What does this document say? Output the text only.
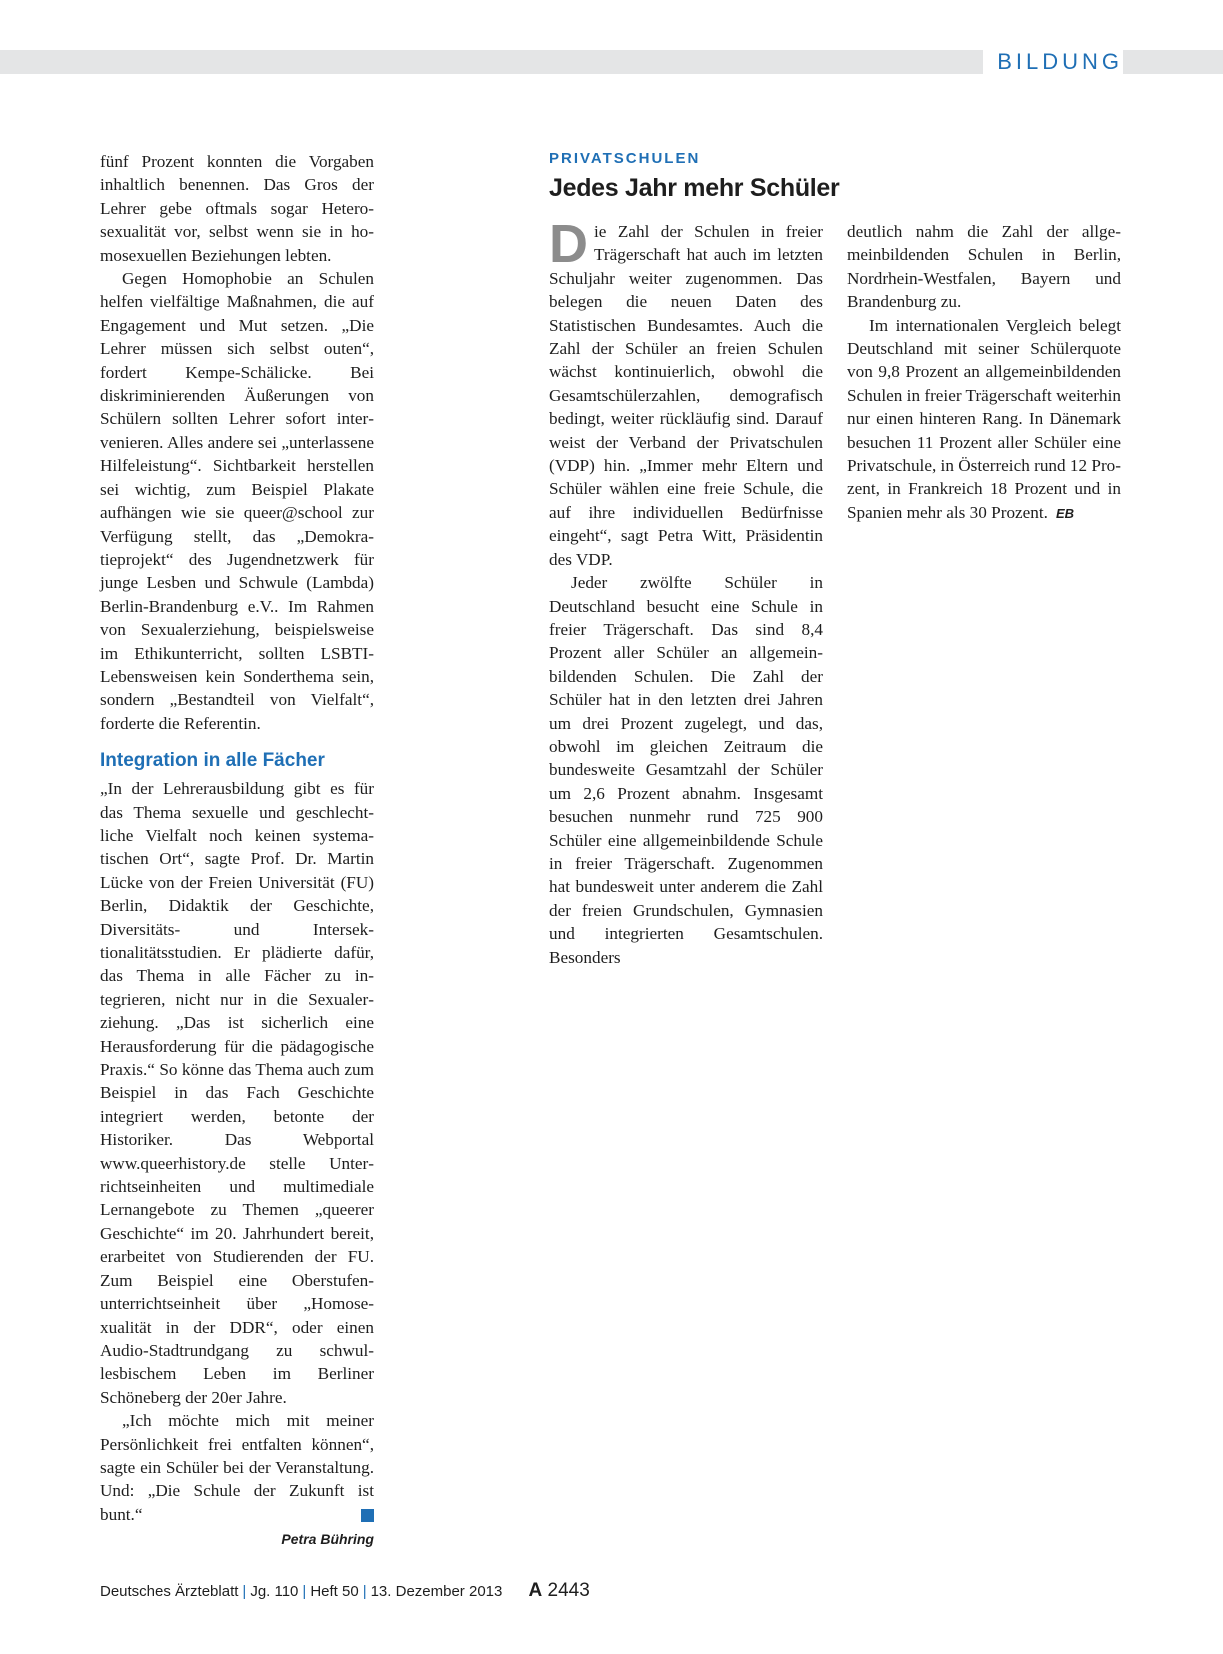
BILDUNG

fünf Prozent konnten die Vorgaben inhaltlich benennen. Das Gros der Lehrer gebe oftmals sogar Heterosexualität vor, selbst wenn sie in homosexuellen Beziehungen lebten.

Gegen Homophobie an Schulen helfen vielfältige Maßnahmen, die auf Engagement und Mut setzen. „Die Lehrer müssen sich selbst outen“, fordert Kempe-Schälicke. Bei diskriminierenden Äußerungen von Schülern sollten Lehrer sofort intervenieren. Alles andere sei „unterlassene Hilfeleistung“. Sichtbarkeit herstellen sei wichtig, zum Beispiel Plakate aufhängen wie sie queer@school zur Verfügung stellt, das „Demokratieprojekt“ des Jugendnetzwerk für junge Lesben und Schwule (Lambda) Berlin-Brandenburg e.V.. Im Rahmen von Sexualerziehung, beispielsweise im Ethikunterricht, sollten LSBTI-Lebensweisen kein Sonderthema sein, sondern „Bestandteil von Vielfalt“, forderte die Referentin.

Integration in alle Fächer

„In der Lehrerausbildung gibt es für das Thema sexuelle und geschlechtliche Vielfalt noch keinen systematischen Ort“, sagte Prof. Dr. Martin Lücke von der Freien Universität (FU) Berlin, Didaktik der Geschichte, Diversitäts- und Intersektionalitätsstudien. Er plädierte dafür, das Thema in alle Fächer zu integrieren, nicht nur in die Sexualerziehung. „Das ist sicherlich eine Herausforderung für die pädagogische Praxis.“ So könne das Thema auch zum Beispiel in das Fach Geschichte integriert werden, betonte der Historiker. Das Webportal www.queerhistory.de stelle Unterrichtseinheiten und multimediale Lernangebote zu Themen „queerer Geschichte“ im 20. Jahrhundert bereit, erarbeitet von Studierenden der FU. Zum Beispiel eine Oberstufenunterrichtseinheit über „Homosexualität in der DDR“, oder einen Audio-Stadtrundgang zu schwullesbischem Leben im Berliner Schöneberg der 20er Jahre.

„Ich möchte mich mit meiner Persönlichkeit frei entfalten können“, sagte ein Schüler bei der Veranstaltung. Und: „Die Schule der Zukunft ist bunt.“

Petra Bühring
PRIVATSCHULEN
Jedes Jahr mehr Schüler

Die Zahl der Schulen in freier Trägerschaft hat auch im letzten Schuljahr weiter zugenommen. Das belegen die neuen Daten des Statistischen Bundesamtes. Auch die Zahl der Schüler an freien Schulen wächst kontinuierlich, obwohl die Gesamtschülerzahlen, demografisch bedingt, weiter rückläufig sind. Darauf weist der Verband der Privatschulen (VDP) hin. „Immer mehr Eltern und Schüler wählen eine freie Schule, die auf ihre individuellen Bedürfnisse eingeht“, sagt Petra Witt, Präsidentin des VDP.

Jeder zwölfte Schüler in Deutschland besucht eine Schule in freier Trägerschaft. Das sind 8,4 Prozent aller Schüler an allgemeinbildenden Schulen. Die Zahl der Schüler hat in den letzten drei Jahren um drei Prozent zugelegt, und das, obwohl im gleichen Zeitraum die bundesweite Gesamtzahl der Schüler um 2,6 Prozent abnahm. Insgesamt besuchen nunmehr rund 725 900 Schüler eine allgemeinbildende Schule in freier Trägerschaft. Zugenommen hat bundesweit unter anderem die Zahl der freien Grundschulen, Gymnasien und integrierten Gesamtschulen. Besonders

deutlich nahm die Zahl der allgemeinbildenden Schulen in Berlin, Nordrhein-Westfalen, Bayern und Brandenburg zu.

Im internationalen Vergleich belegt Deutschland mit seiner Schülerquote von 9,8 Prozent an allgemeinbildenden Schulen in freier Trägerschaft weiterhin nur einen hinteren Rang. In Dänemark besuchen 11 Prozent aller Schüler eine Privatschule, in Österreich rund 12 Prozent, in Frankreich 18 Prozent und in Spanien mehr als 30 Prozent. EB

Deutsches Ärzteblatt | Jg. 110 | Heft 50 | 13. Dezember 2013 A 2443
